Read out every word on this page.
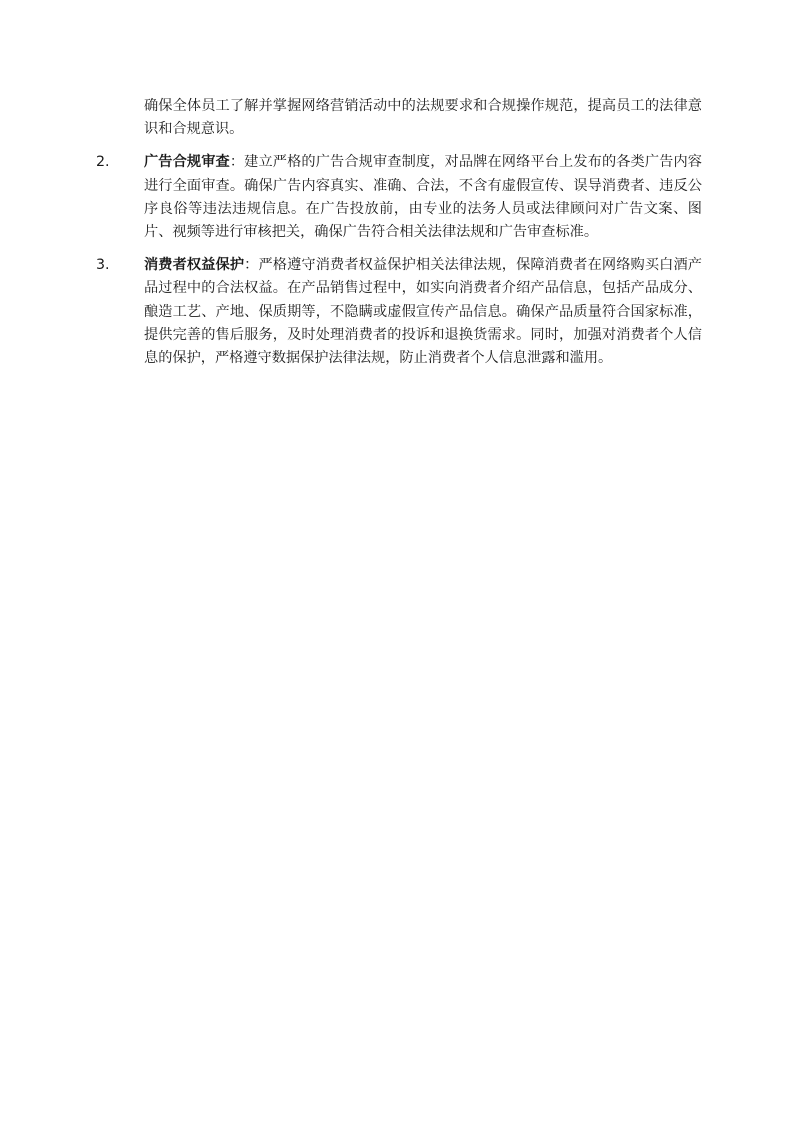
确保全体员工了解并掌握网络营销活动中的法规要求和合规操作规范，提高员工的法律意识和合规意识。

2. 广告合规审查：建立严格的广告合规审查制度，对品牌在网络平台上发布的各类广告内容进行全面审查。确保广告内容真实、准确、合法，不含有虚假宣传、误导消费者、违反公序良俗等违法违规信息。在广告投放前，由专业的法务人员或法律顾问对广告文案、图片、视频等进行审核把关，确保广告符合相关法律法规和广告审查标准。

3. 消费者权益保护：严格遵守消费者权益保护相关法律法规，保障消费者在网络购买白酒产品过程中的合法权益。在产品销售过程中，如实向消费者介绍产品信息，包括产品成分、酿造工艺、产地、保质期等，不隐瞒或虚假宣传产品信息。确保产品质量符合国家标准，提供完善的售后服务，及时处理消费者的投诉和退换货需求。同时，加强对消费者个人信息的保护，严格遵守数据保护法律法规，防止消费者个人信息泄露和滥用。
